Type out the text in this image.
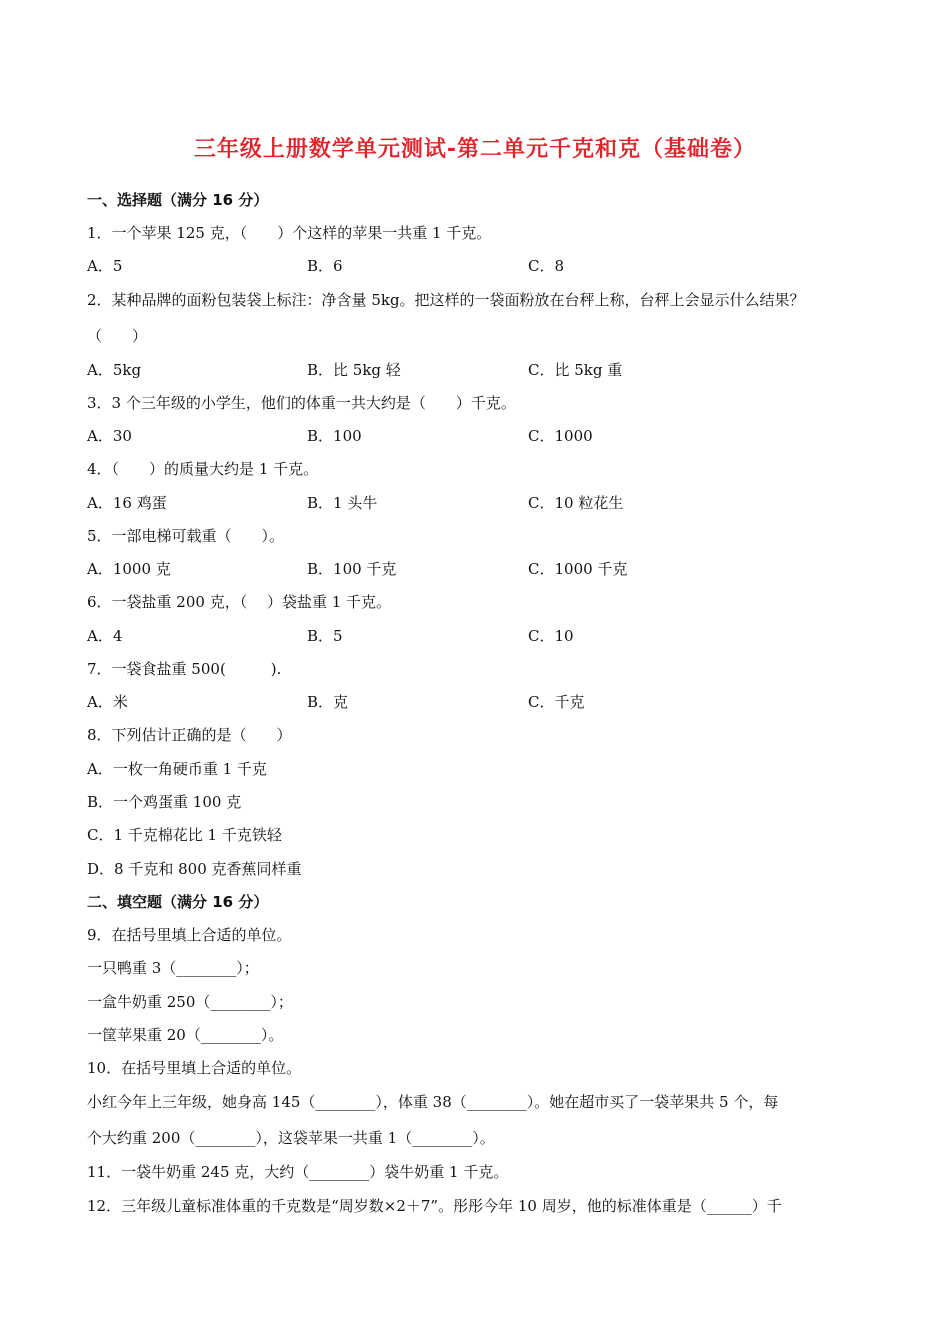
三年级上册数学单元测试-第二单元千克和克（基础卷）
一、选择题（满分 16 分）
1．一个苹果 125 克，（　　）个这样的苹果一共重 1 千克。
A．5	B．6	C．8
2．某种品牌的面粉包装袋上标注：净含量 5kg。把这样的一袋面粉放在台秤上称，台秤上会显示什么结果？
（　　）
A．5kg	B．比 5kg 轻	C．比 5kg 重
3．3 个三年级的小学生，他们的体重一共大约是（　　）千克。
A．30	B．100	C．1000
4．（　　）的质量大约是 1 千克。
A．16 鸡蛋	B．1 头牛	C．10 粒花生
5．一部电梯可载重（　　）。
A．1000 克	B．100 千克	C．1000 千克
6．一袋盐重 200 克，（　 ）袋盐重 1 千克。
A．4	B．5	C．10
7．一袋食盐重 500(　　　).
A．米	B．克	C．千克
8．下列估计正确的是（　　）
A．一枚一角硬币重 1 千克
B．一个鸡蛋重 100 克
C．1 千克棉花比 1 千克铁轻
D．8 千克和 800 克香蕉同样重
二、填空题（满分 16 分）
9．在括号里填上合适的单位。
一只鸭重 3（________）；
一盒牛奶重 250（________）；
一筐苹果重 20（________）。
10．在括号里填上合适的单位。
小红今年上三年级，她身高 145（________），体重 38（________）。她在超市买了一袋苹果共 5 个，每
个大约重 200（________），这袋苹果一共重 1（________）。
11．一袋牛奶重 245 克，大约（________）袋牛奶重 1 千克。
12．三年级儿童标准体重的千克数是“周岁数×2＋7”。彤彤今年 10 周岁，他的标准体重是（______）千
